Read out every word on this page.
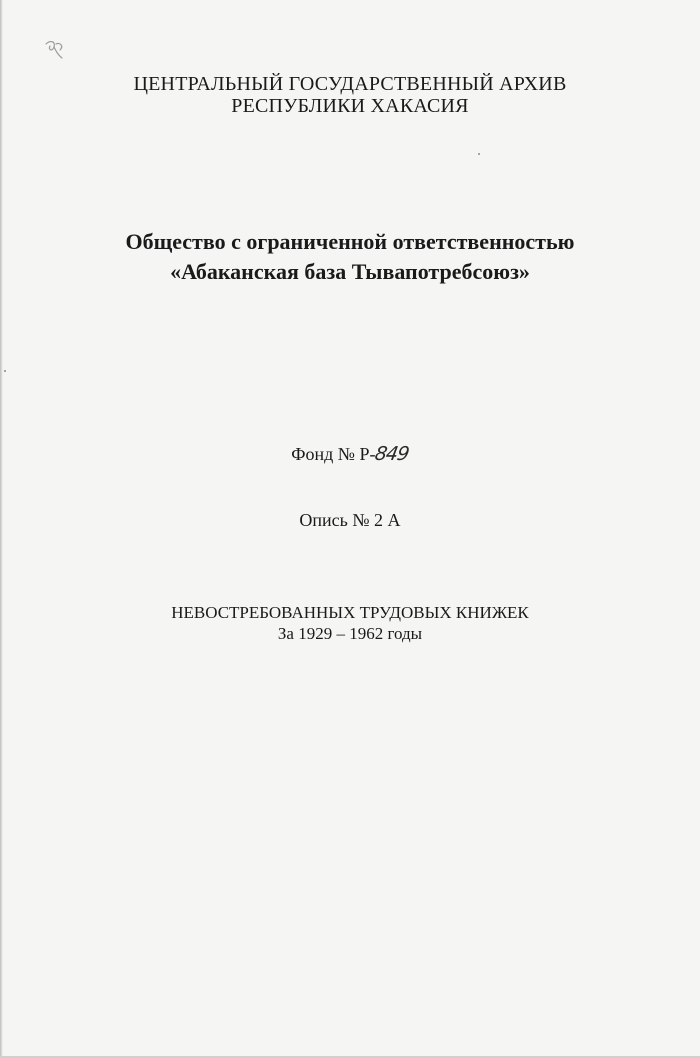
ЦЕНТРАЛЬНЫЙ ГОСУДАРСТВЕННЫЙ АРХИВ
РЕСПУБЛИКИ ХАКАСИЯ
Общество с ограниченной ответственностью
«Абаканская база Тывапотребсоюз»
Фонд № Р-849
Опись № 2 А
НЕВОСТРЕБОВАННЫХ ТРУДОВЫХ КНИЖЕК
За 1929 – 1962 годы
